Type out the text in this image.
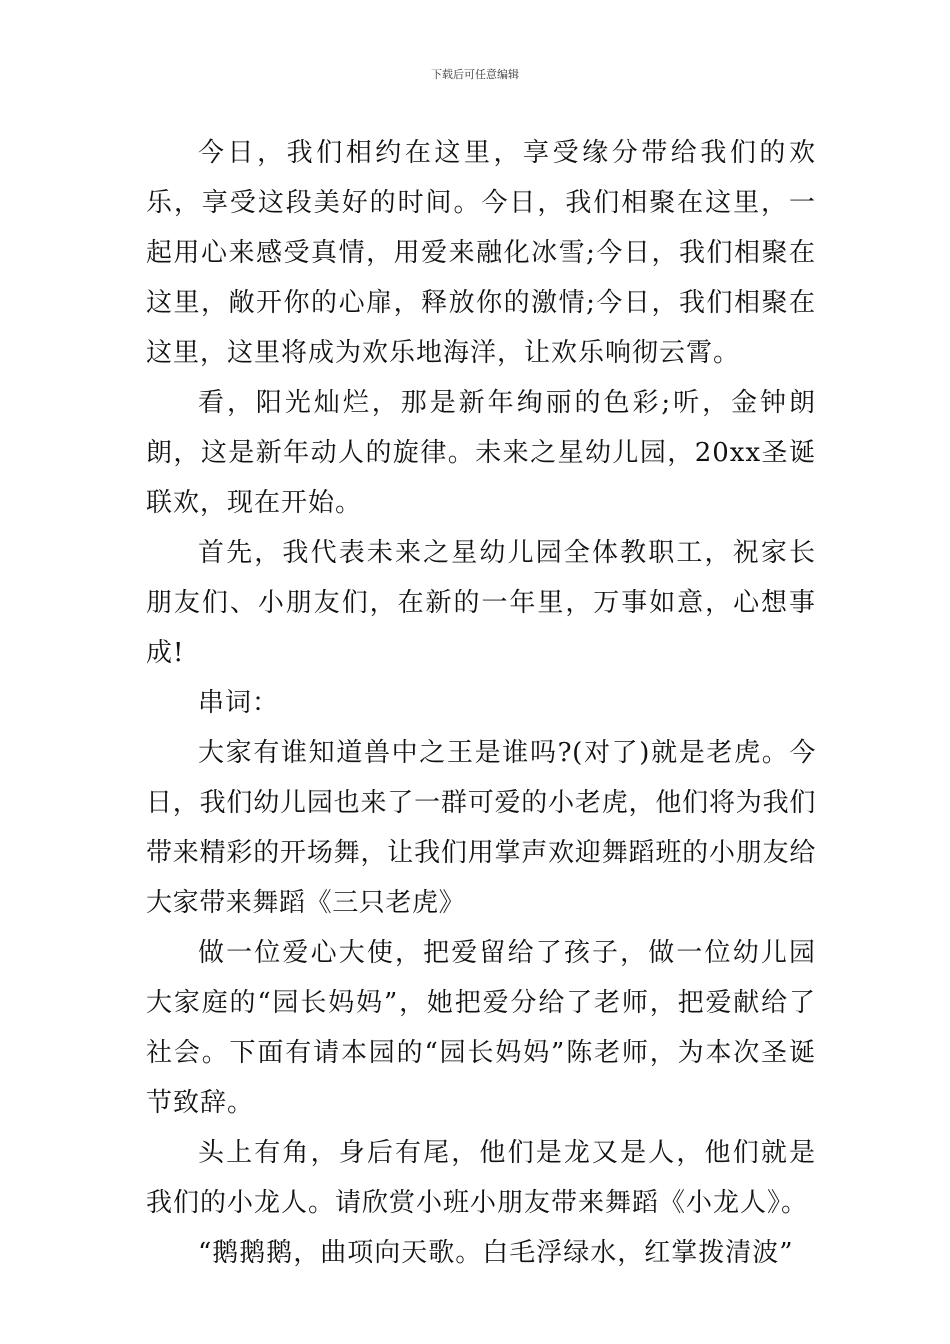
下载后可任意编辑

今日，我们相约在这里，享受缘分带给我们的欢乐，享受这段美好的时间。今日，我们相聚在这里，一起用心来感受真情，用爱来融化冰雪;今日，我们相聚在这里，敞开你的心扉，释放你的激情;今日，我们相聚在这里，这里将成为欢乐地海洋，让欢乐响彻云霄。

看，阳光灿烂，那是新年绚丽的色彩;听，金钟朗朗，这是新年动人的旋律。未来之星幼儿园，20xx圣诞联欢，现在开始。

首先，我代表未来之星幼儿园全体教职工，祝家长朋友们、小朋友们，在新的一年里，万事如意，心想事成!

串词：

大家有谁知道兽中之王是谁吗?(对了)就是老虎。今日，我们幼儿园也来了一群可爱的小老虎，他们将为我们带来精彩的开场舞，让我们用掌声欢迎舞蹈班的小朋友给大家带来舞蹈《三只老虎》

做一位爱心大使，把爱留给了孩子，做一位幼儿园大家庭的“园长妈妈”，她把爱分给了老师，把爱献给了社会。下面有请本园的“园长妈妈”陈老师，为本次圣诞节致辞。

头上有角，身后有尾，他们是龙又是人，他们就是我们的小龙人。请欣赏小班小朋友带来舞蹈《小龙人》。

“鹅鹅鹅，曲项向天歌。白毛浮绿水，红掌拨清波”
